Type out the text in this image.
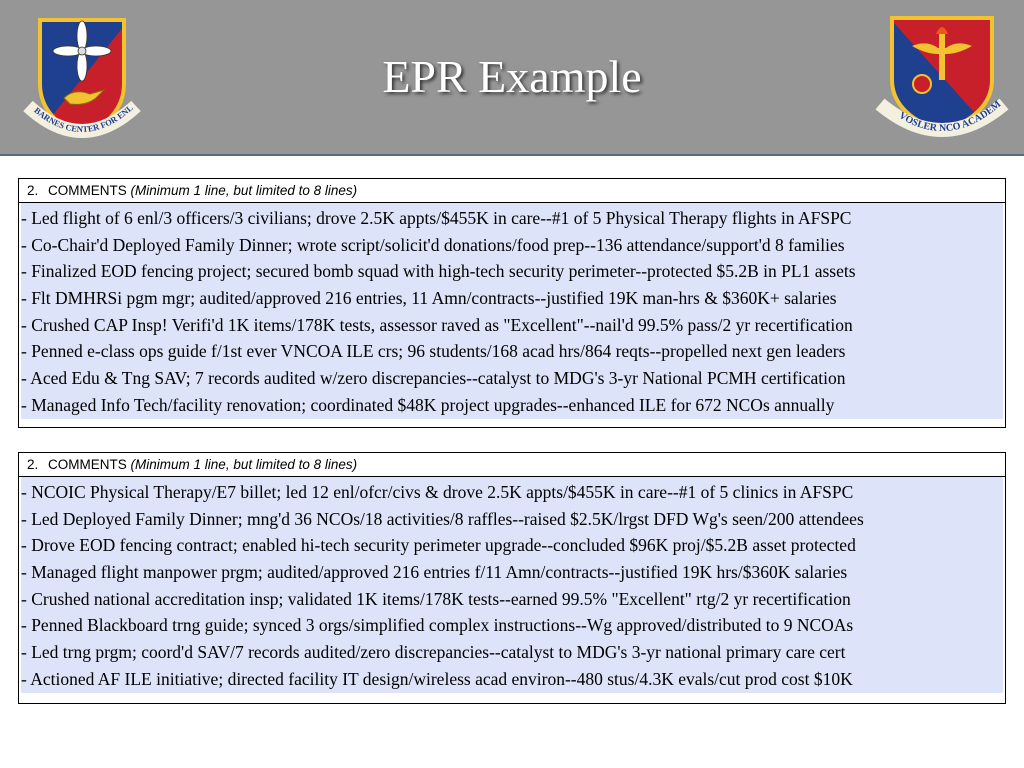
BARNES CENTER FOR ENL
EPR Example
VOSLER NCO ACADEM
2. COMMENTS (Minimum 1 line, but limited to 8 lines)
- Led flight of 6 enl/3 officers/3 civilians; drove 2.5K appts/$455K in care--#1 of 5 Physical Therapy flights in AFSPC
- Co-Chair'd Deployed Family Dinner; wrote script/solicit'd donations/food prep--136 attendance/support'd 8 families
- Finalized EOD fencing project; secured bomb squad with high-tech security perimeter--protected $5.2B in PL1 assets
- Flt DMHRSi pgm mgr; audited/approved 216 entries, 11 Amn/contracts--justified 19K man-hrs & $360K+ salaries
- Crushed CAP Insp! Verifi'd 1K items/178K tests, assessor raved as "Excellent"--nail'd 99.5% pass/2 yr recertification
- Penned e-class ops guide f/1st ever VNCOA ILE crs; 96 students/168 acad hrs/864 reqts--propelled next gen leaders
- Aced Edu & Tng SAV; 7 records audited w/zero discrepancies--catalyst to MDG's 3-yr National PCMH certification
- Managed Info Tech/facility renovation; coordinated $48K project upgrades--enhanced ILE for 672 NCOs annually
2. COMMENTS (Minimum 1 line, but limited to 8 lines)
- NCOIC Physical Therapy/E7 billet; led 12 enl/ofcr/civs & drove 2.5K appts/$455K in care--#1 of 5 clinics in AFSPC
- Led Deployed Family Dinner; mng'd 36 NCOs/18 activities/8 raffles--raised $2.5K/lrgst DFD Wg's seen/200 attendees
- Drove EOD fencing contract; enabled hi-tech security perimeter upgrade--concluded $96K proj/$5.2B asset protected
- Managed flight manpower prgm; audited/approved 216 entries f/11 Amn/contracts--justified 19K hrs/$360K salaries
- Crushed national accreditation insp; validated 1K items/178K tests--earned 99.5% "Excellent" rtg/2 yr recertification
- Penned Blackboard trng guide; synced 3 orgs/simplified complex instructions--Wg approved/distributed to 9 NCOAs
- Led trng prgm; coord'd SAV/7 records audited/zero discrepancies--catalyst to MDG's 3-yr national primary care cert
- Actioned AF ILE initiative; directed facility IT design/wireless acad environ--480 stus/4.3K evals/cut prod cost $10K
